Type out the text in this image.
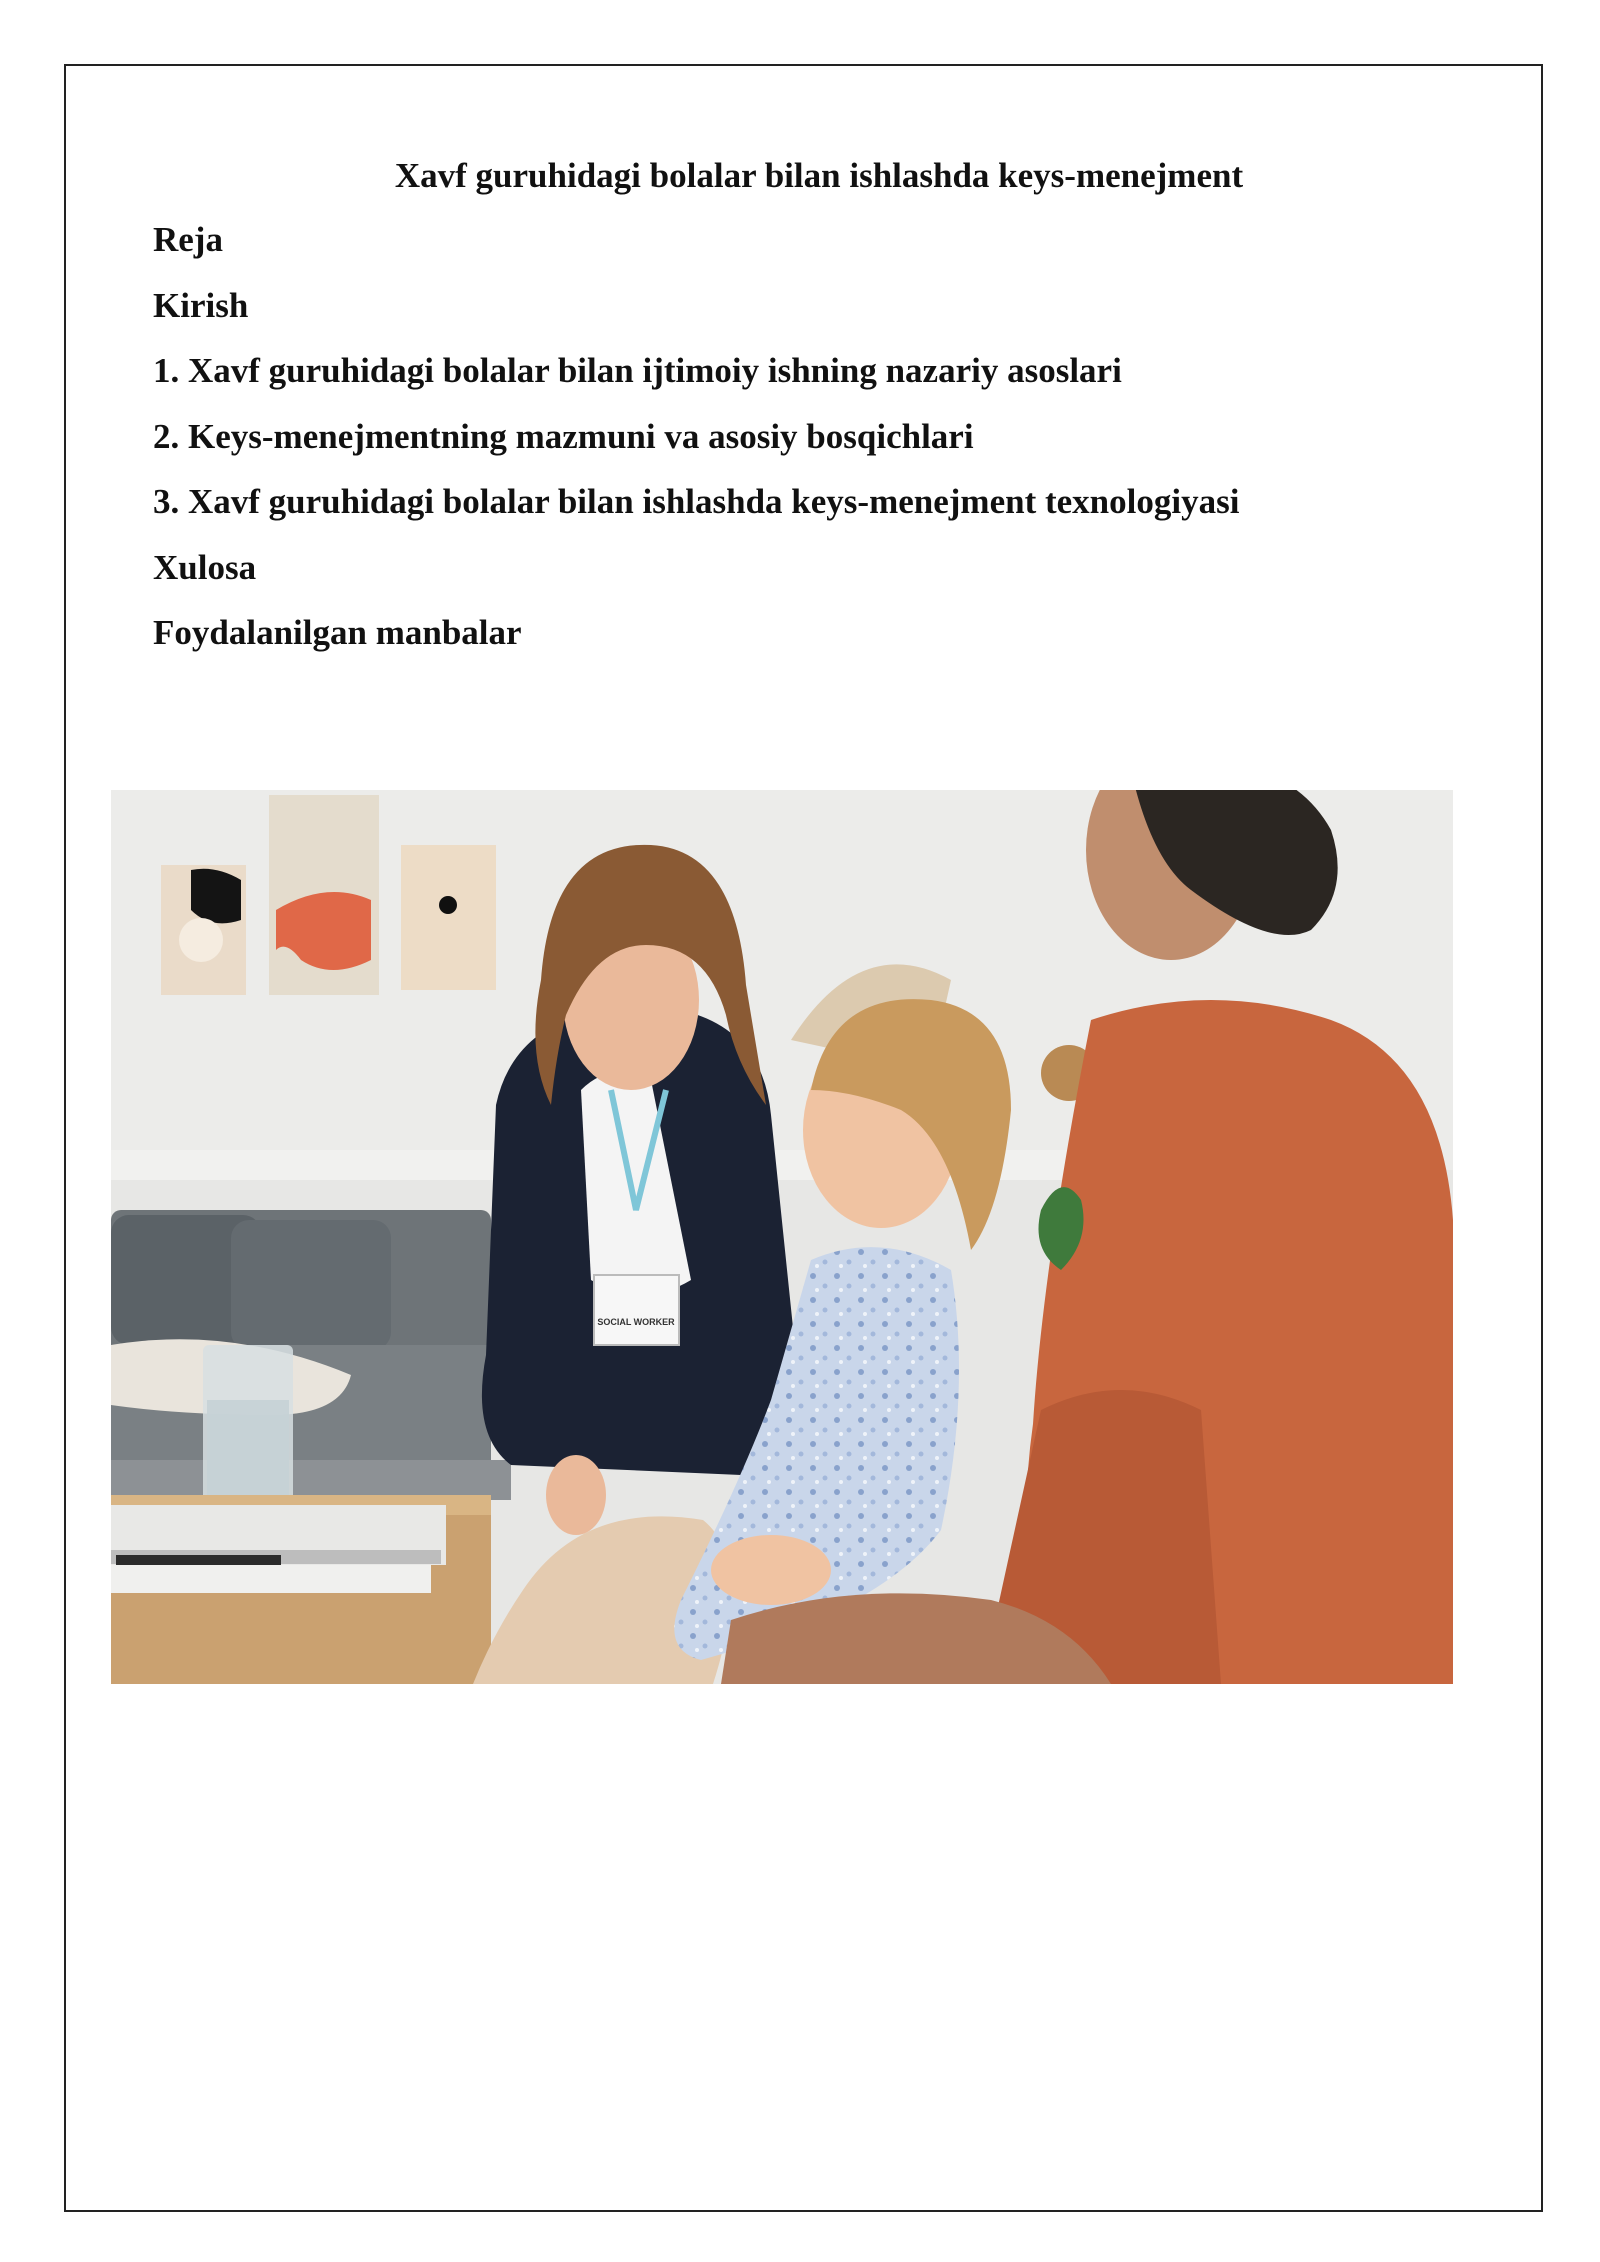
Xavf guruhidagi bolalar bilan ishlashda keys-menejment
Reja
Kirish
1. Xavf guruhidagi bolalar bilan ijtimoiy ishning nazariy asoslari
2. Keys-menejmentning mazmuni va asosiy bosqichlari
3. Xavf guruhidagi bolalar bilan ishlashda keys-menejment texnologiyasi
Xulosa
Foydalanilgan manbalar
SOCIAL WORKER
